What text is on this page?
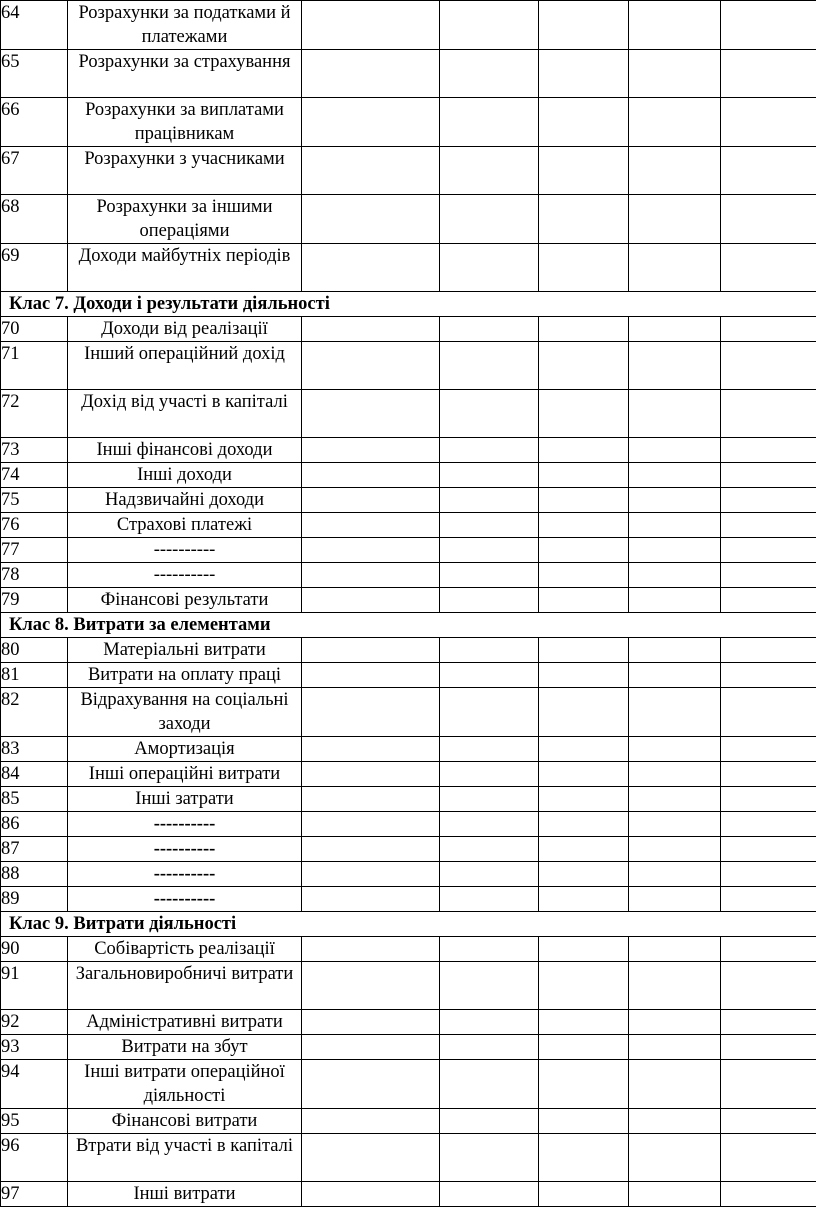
64	Розрахунки за податками й платежами					
65	Розрахунки за страхування					
66	Розрахунки за виплатами працівникам					
67	Розрахунки з учасниками					
68	Розрахунки за іншими операціями					
69	Доходи майбутніх періодів					
Клас 7. Доходи і результати діяльності						
70	Доходи від реалізації					
71	Інший операційний дохід					
72	Дохід від участі в капіталі					
73	Інші фінансові доходи					
74	Інші доходи					
75	Надзвичайні доходи					
76	Страхові платежі					
77	----------					
78	----------					
79	Фінансові результати					
Клас 8. Витрати за елементами						
80	Матеріальні витрати					
81	Витрати на оплату праці					
82	Відрахування на соціальні заходи					
83	Амортизація					
84	Інші операційні витрати					
85	Інші затрати					
86	----------					
87	----------					
88	----------					
89	----------					
Клас 9. Витрати діяльності						
90	Собівартість реалізації					
91	Загальновиробничі витрати					
92	Адміністративні витрати					
93	Витрати на збут					
94	Інші витрати операційної діяльності					
95	Фінансові витрати					
96	Втрати від участі в капіталі					
97	Інші витрати					
